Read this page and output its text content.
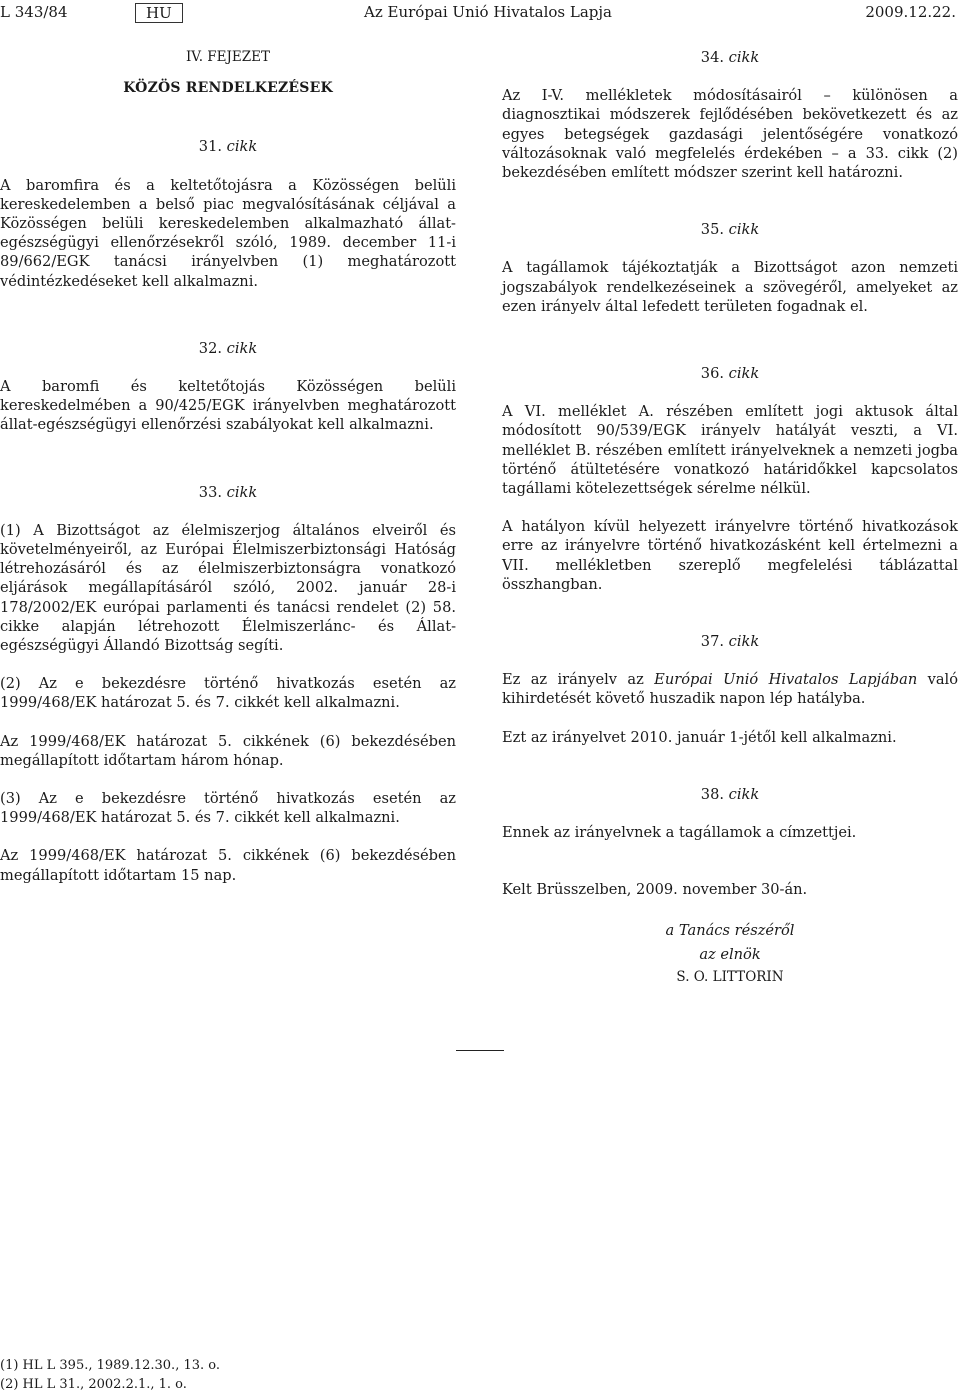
L 343/84	HU	Az Európai Unió Hivatalos Lapja	2009.12.22.

IV. FEJEZET

KÖZÖS RENDELKEZÉSEK

31. cikk

A baromfira és a keltetőtojásra a Közösségen belüli kereskedelemben a belső piac megvalósításának céljával a Közösségen belüli kereskedelemben alkalmazható állat-egészségügyi ellenőrzésekről szóló, 1989. december 11-i 89/662/EGK tanácsi irányelvben (1) meghatározott védintézkedéseket kell alkalmazni.

32. cikk

A baromfi és keltetőtojás Közösségen belüli kereskedelmében a 90/425/EGK irányelvben meghatározott állat-egészségügyi ellenőrzési szabályokat kell alkalmazni.

33. cikk

(1) A Bizottságot az élelmiszerjog általános elveiről és követelményeiről, az Európai Élelmiszerbiztonsági Hatóság létrehozásáról és az élelmiszerbiztonságra vonatkozó eljárások megállapításáról szóló, 2002. január 28-i 178/2002/EK európai parlamenti és tanácsi rendelet (2) 58. cikke alapján létrehozott Élelmiszerlánc- és Állat-egészségügyi Állandó Bizottság segíti.

(2) Az e bekezdésre történő hivatkozás esetén az 1999/468/EK határozat 5. és 7. cikkét kell alkalmazni.

Az 1999/468/EK határozat 5. cikkének (6) bekezdésében megállapított időtartam három hónap.

(3) Az e bekezdésre történő hivatkozás esetén az 1999/468/EK határozat 5. és 7. cikkét kell alkalmazni.

Az 1999/468/EK határozat 5. cikkének (6) bekezdésében megállapított időtartam 15 nap.

34. cikk

Az I-V. mellékletek módosításairól – különösen a diagnosztikai módszerek fejlődésében bekövetkezett és az egyes betegségek gazdasági jelentőségére vonatkozó változásoknak való megfelelés érdekében – a 33. cikk (2) bekezdésében említett módszer szerint kell határozni.

35. cikk

A tagállamok tájékoztatják a Bizottságot azon nemzeti jogszabályok rendelkezéseinek a szövegéről, amelyeket az ezen irányelv által lefedett területen fogadnak el.

36. cikk

A VI. melléklet A. részében említett jogi aktusok által módosított 90/539/EGK irányelv hatályát veszti, a VI. melléklet B. részében említett irányelveknek a nemzeti jogba történő átültetésére vonatkozó határidőkkel kapcsolatos tagállami kötelezettségek sérelme nélkül.

A hatályon kívül helyezett irányelvre történő hivatkozások erre az irányelvre történő hivatkozásként kell értelmezni a VII. mellékletben szereplő megfelelési táblázattal összhangban.

37. cikk

Ez az irányelv az Európai Unió Hivatalos Lapjában való kihirdetését követő huszadik napon lép hatályba.

Ezt az irányelvet 2010. január 1-jétől kell alkalmazni.

38. cikk

Ennek az irányelvnek a tagállamok a címzettjei.

Kelt Brüsszelben, 2009. november 30-án.

a Tanács részéről

az elnök

S. O. LITTORIN

(1) HL L 395., 1989.12.30., 13. o.
(2) HL L 31., 2002.2.1., 1. o.
